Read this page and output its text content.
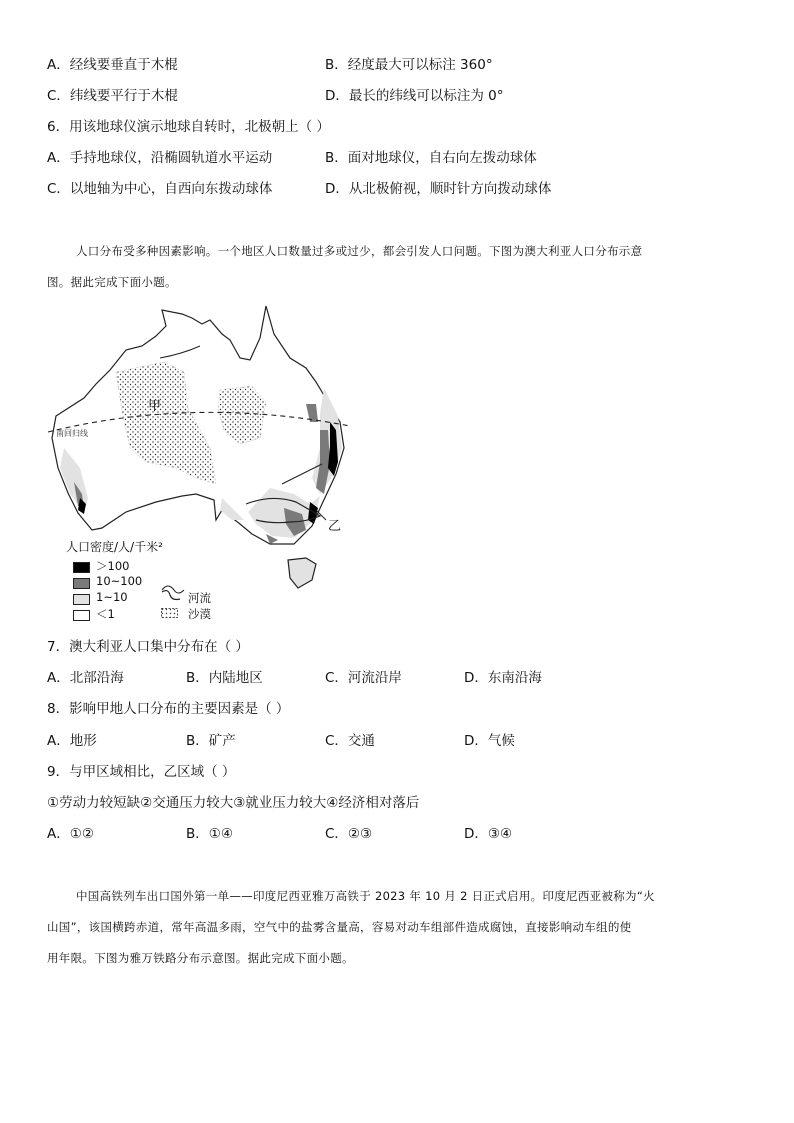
A．经线要垂直于木棍	B．经度最大可以标注 360°
C．纬线要平行于木棍	D．最长的纬线可以标注为 0°
6．用该地球仪演示地球自转时，北极朝上（ ）
A．手持地球仪，沿椭圆轨道水平运动	B．面对地球仪，自右向左拨动球体
C．以地轴为中心，自西向东拨动球体	D．从北极俯视，顺时针方向拨动球体
人口分布受多种因素影响。一个地区人口数量过多或过少，都会引发人口问题。下图为澳大利亚人口分布示意
图。据此完成下面小题。
南回归线
甲
乙
人口密度/人/千米²
＞100
10~100
1~10
＜1
河流
沙漠
7．澳大利亚人口集中分布在（ ）
A．北部沿海	B．内陆地区	C．河流沿岸	D．东南沿海
8．影响甲地人口分布的主要因素是（ ）
A．地形	B．矿产	C．交通	D．气候
9．与甲区域相比，乙区域（ ）
①劳动力较短缺②交通压力较大③就业压力较大④经济相对落后
A．①②	B．①④	C．②③	D．③④
中国高铁列车出口国外第一单——印度尼西亚雅万高铁于 2023 年 10 月 2 日正式启用。印度尼西亚被称为“火
山国”，该国横跨赤道，常年高温多雨，空气中的盐雾含量高，容易对动车组部件造成腐蚀，直接影响动车组的使
用年限。下图为雅万铁路分布示意图。据此完成下面小题。
